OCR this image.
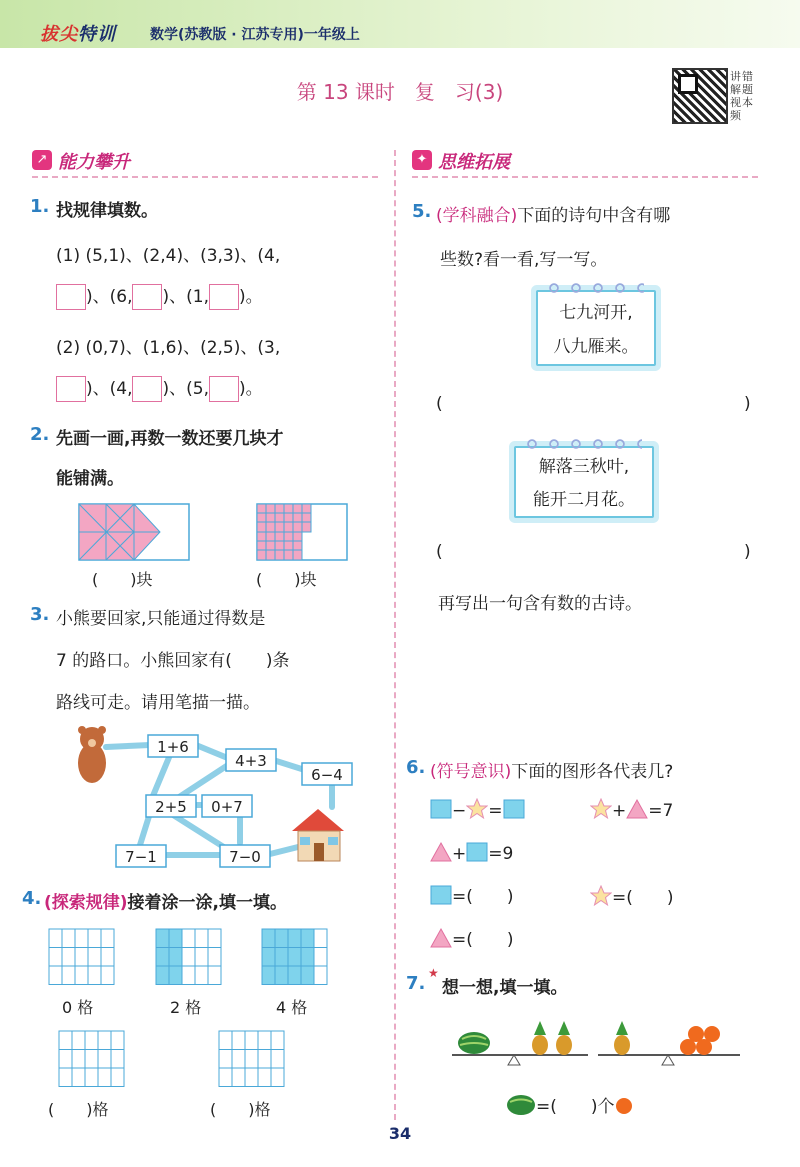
拔尖特训 数学(苏教版 · 江苏专用)一年级上
第 13 课时　复　习(3)
讲
解
视
频
错
题
本
↗ 能力攀升	✦ 思维拓展
1. 找规律填数。
(1) (5,1)、(2,4)、(3,3)、(4,
)、(6, )、(1, )。
(2) (0,7)、(1,6)、(2,5)、(3,
)、(4, )、(5, )。
2. 先画一画,再数一数还要几块才
能铺满。
(　　)块	(　　)块
3. 小熊要回家,只能通过得数是
7 的路口。小熊回家有(　　)条
路线可走。请用笔描一描。
1+6
4+3
6−4
2+5 0+7
7−1	7−0
4. (探索规律)接着涂一涂,填一填。
0 格	2 格	4 格
(　　)格	(　　)格
5. (学科融合)下面的诗句中含有哪
些数?看一看,写一写。
七九河开,
八九雁来。
(	)
解落三秋叶,
能开二月花。
(	)
再写出一句含有数的古诗。
6. (符号意识)下面的图形各代表几?
− =	+ =7
+ =9
=(　　)	=(　　)
=(　　)
7. ★
想一想,填一填。
=(　　)个
34
